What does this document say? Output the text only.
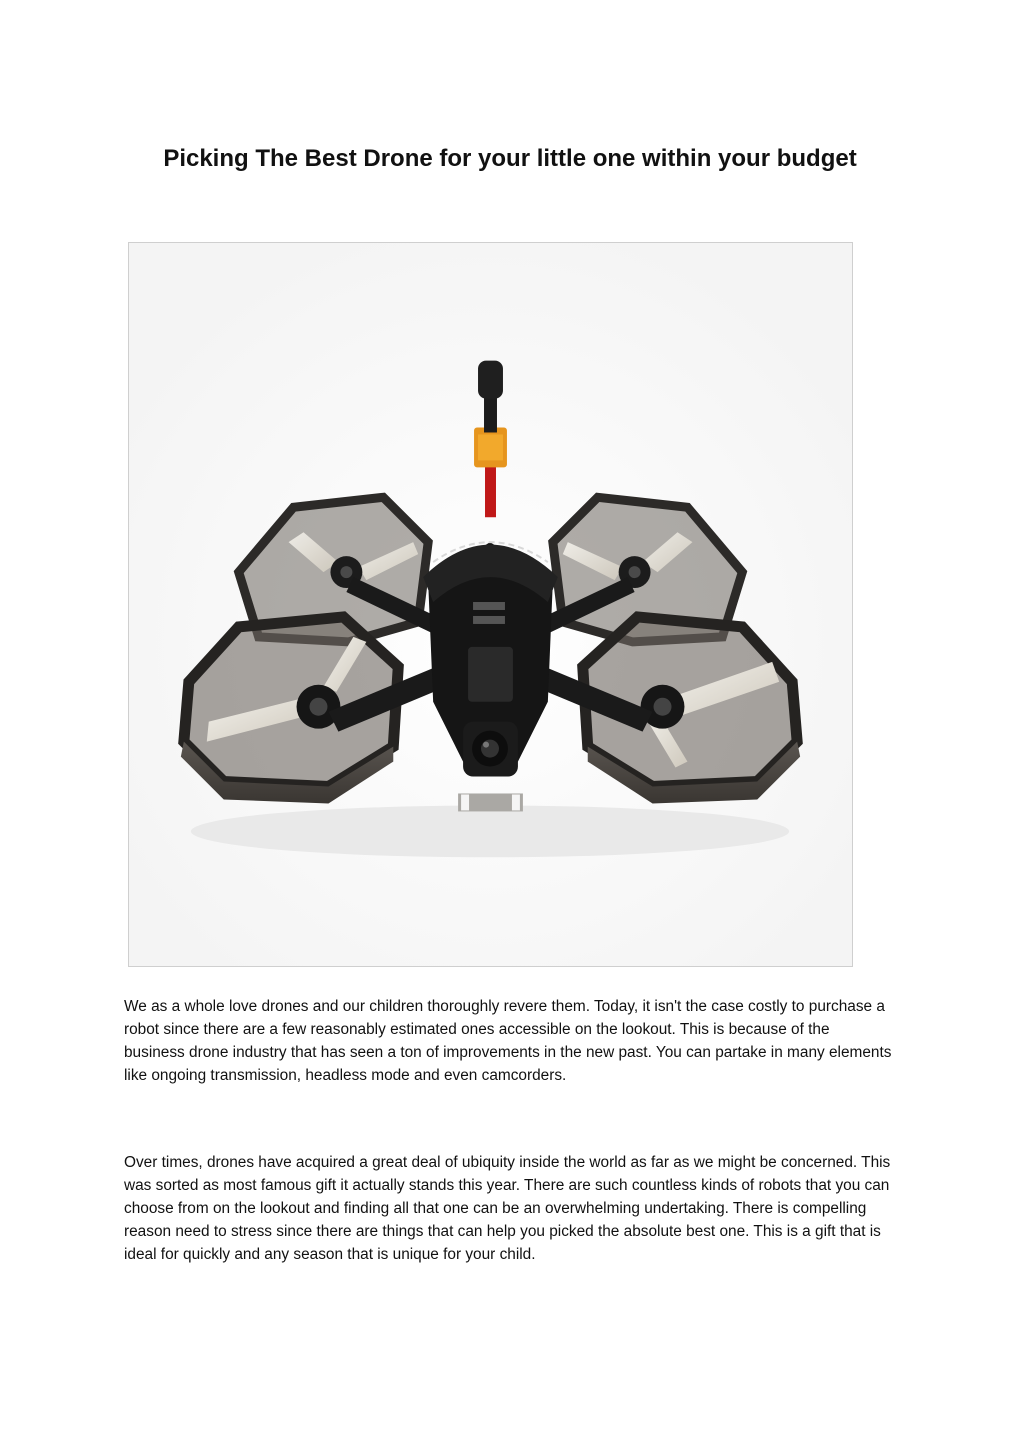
Picking The Best Drone for your little one within your budget

We as a whole love drones and our children thoroughly revere them. Today, it isn't the case costly to purchase a robot since there are a few reasonably estimated ones accessible on the lookout. This is because of the business drone industry that has seen a ton of improvements in the new past. You can partake in many elements like ongoing transmission, headless mode and even camcorders.

Over times, drones have acquired a great deal of ubiquity inside the world as far as we might be concerned. This was sorted as most famous gift it actually stands this year. There are such countless kinds of robots that you can choose from on the lookout and finding all that one can be an overwhelming undertaking. There is compelling reason need to stress since there are things that can help you picked the absolute best one. This is a gift that is ideal for quickly and any season that is unique for your child.
